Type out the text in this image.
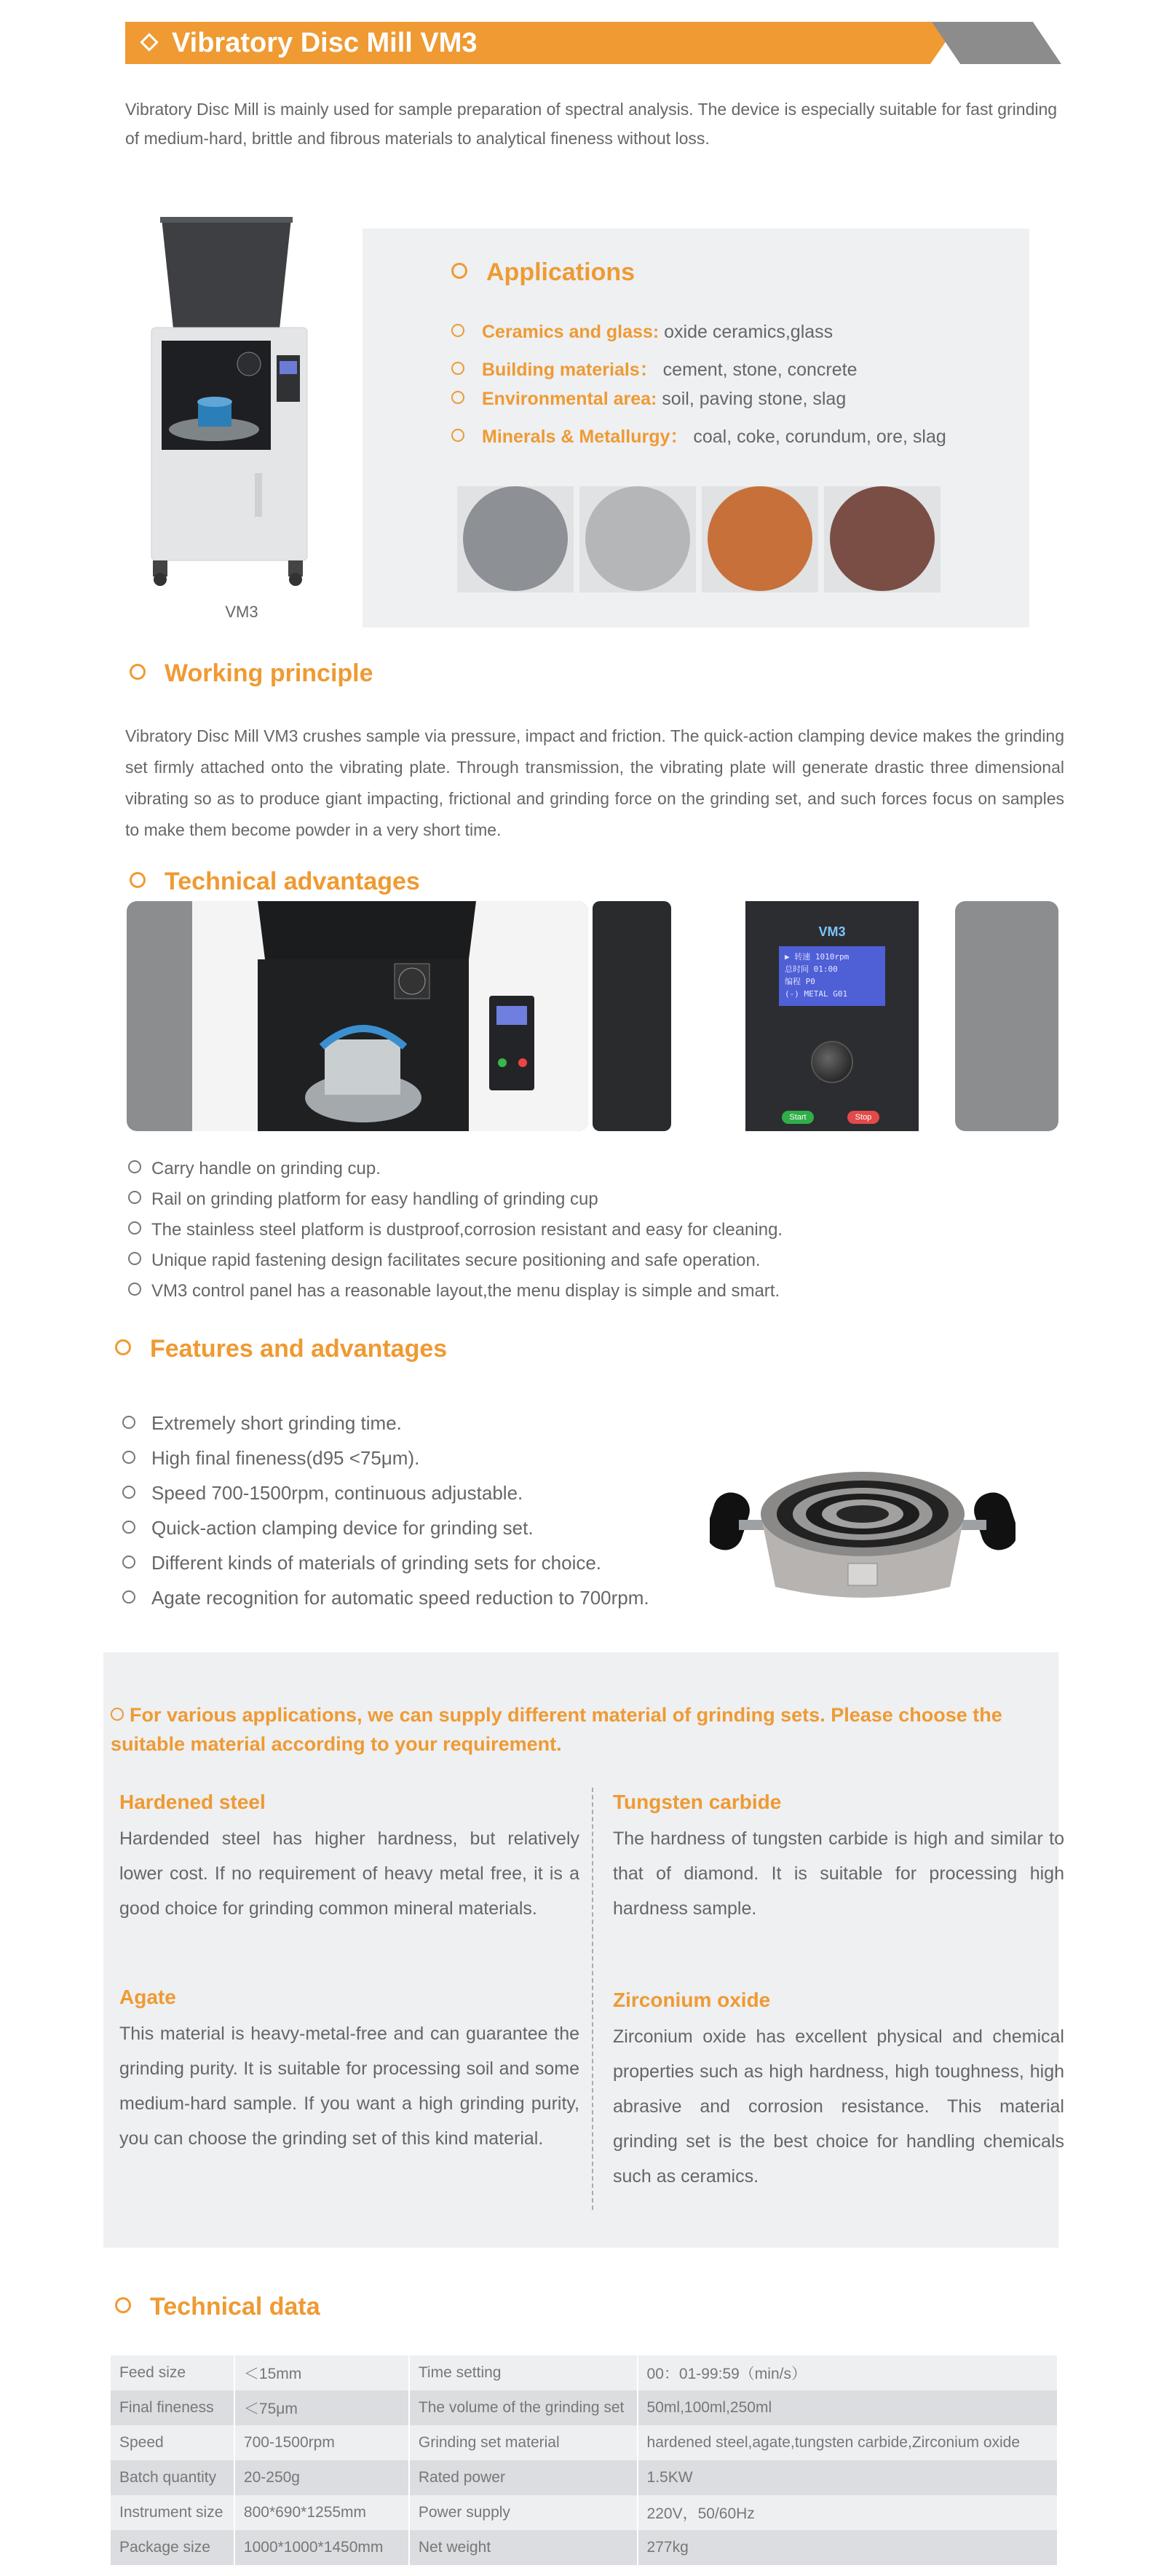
Vibratory Disc Mill VM3

Vibratory Disc Mill is mainly used for sample preparation of spectral analysis. The device is especially suitable for fast grinding of medium-hard, brittle and fibrous materials to analytical fineness without loss.

VM3
Applications
Ceramics and glass: oxide ceramics,glass
Building materials： cement, stone, concrete
Environmental area: soil, paving stone, slag
Minerals & Metallurgy： coal, coke, corundum, ore, slag
Working principle

Vibratory Disc Mill VM3 crushes sample via pressure, impact and friction. The quick-action clamping device makes the grinding set firmly attached onto the vibrating plate. Through transmission, the vibrating plate will generate drastic three dimensional vibrating so as to produce giant impacting, frictional and grinding force on the grinding set, and such forces focus on samples to make them become powder in a very short time.

Technical advantages
VM3
▶ 转速 1010rpm
总时间 01:00
编程 P0
(-) METAL G01
Start	Stop
Carry handle on grinding cup.
Rail on grinding platform for easy handling of grinding cup
The stainless steel platform is dustproof,corrosion resistant and easy for cleaning.
Unique rapid fastening design facilitates secure positioning and safe operation.
VM3 control panel has a reasonable layout,the menu display is simple and smart.
Features and advantages
Extremely short grinding time.
High final fineness(d95 <75μm).
Speed 700-1500rpm, continuous adjustable.
Quick-action clamping device for grinding set.
Different kinds of materials of grinding sets for choice.
Agate recognition for automatic speed reduction to 700rpm.
For various applications, we can supply different material of grinding sets. Please choose the suitable material according to your requirement.
Hardened steel

Hardended steel has higher hardness, but relatively lower cost. If no requirement of heavy metal free, it is a good choice for grinding common mineral materials.

Tungsten carbide

The hardness of tungsten carbide is high and similar to that of diamond. It is suitable for processing high hardness sample.

Agate

This material is heavy-metal-free and can guarantee the grinding purity. It is suitable for processing soil and some medium-hard sample. If you want a high grinding purity, you can choose the grinding set of this kind material.

Zirconium oxide

Zirconium oxide has excellent physical and chemical properties such as high hardness, high toughness, high abrasive and corrosion resistance. This material grinding set is the best choice for handling chemicals such as ceramics.

Technical data
Feed size	＜15mm	Time setting	00：01-99:59（min/s）
Final fineness	＜75μm	The volume of the grinding set	50ml,100ml,250ml
Speed	700-1500rpm	Grinding set material	hardened steel,agate,tungsten carbide,Zirconium oxide
Batch quantity	20-250g	Rated power	1.5KW
Instrument size	800*690*1255mm	Power supply	220V，50/60Hz
Package size	1000*1000*1450mm	Net weight	277kg
